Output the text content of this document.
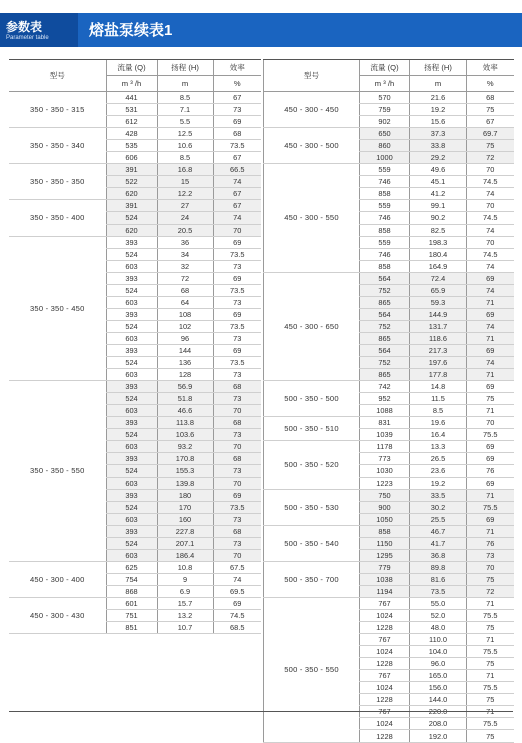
参数表
Parameter table	熔盐泵续表1
型号	流量 (Q)	扬程 (H)	效率
	m ³ /h	m	%
350 - 350 - 315	441	8.5	67
	531	7.1	73
	612	5.5	69
350 - 350 - 340	428	12.5	68
	535	10.6	73.5
	606	8.5	67
350 - 350 - 350	391	16.8	66.5
	522	15	74
	620	12.2	67
350 - 350 - 400	391	27	67
	524	24	74
	620	20.5	70
350 - 350 - 450	393	36	69
	524	34	73.5
	603	32	73
	393	72	69
	524	68	73.5
	603	64	73
	393	108	69
	524	102	73.5
	603	96	73
	393	144	69
	524	136	73.5
	603	128	73
350 - 350 - 550	393	56.9	68
	524	51.8	73
	603	46.6	70
	393	113.8	68
	524	103.6	73
	603	93.2	70
	393	170.8	68
	524	155.3	73
	603	139.8	70
	393	180	69
	524	170	73.5
	603	160	73
	393	227.8	68
	524	207.1	73
	603	186.4	70
450 - 300 - 400	625	10.8	67.5
	754	9	74
	868	6.9	69.5
450 - 300 - 430	601	15.7	69
	751	13.2	74.5
	851	10.7	68.5
型号	流量 (Q)	扬程 (H)	效率
	m ³ /h	m	%
450 - 300 - 450	570	21.6	68
	759	19.2	75
	902	15.6	67
450 - 300 - 500	650	37.3	69.7
	860	33.8	75
	1000	29.2	72
450 - 300 - 550	559	49.6	70
	746	45.1	74.5
	858	41.2	74
	559	99.1	70
	746	90.2	74.5
	858	82.5	74
	559	198.3	70
	746	180.4	74.5
	858	164.9	74
450 - 300 - 650	564	72.4	69
	752	65.9	74
	865	59.3	71
	564	144.9	69
	752	131.7	74
	865	118.6	71
	564	217.3	69
	752	197.6	74
	865	177.8	71
500 - 350 - 500	742	14.8	69
	952	11.5	75
	1088	8.5	71
500 - 350 - 510	831	19.6	70
	1039	16.4	75.5
500 - 350 - 520	1178	13.3	69
	773	26.5	69
	1030	23.6	76
	1223	19.2	69
500 - 350 - 530	750	33.5	71
	900	30.2	75.5
	1050	25.5	69
500 - 350 - 540	858	46.7	71
	1150	41.7	76
	1295	36.8	73
500 - 350 - 700	779	89.8	70
	1038	81.6	75
	1194	73.5	72
500 - 350 - 550	767	55.0	71
	1024	52.0	75.5
	1228	48.0	75
	767	110.0	71
	1024	104.0	75.5
	1228	96.0	75
	767	165.0	71
	1024	156.0	75.5
	1228	144.0	75
	767	220.0	71
	1024	208.0	75.5
	1228	192.0	75
